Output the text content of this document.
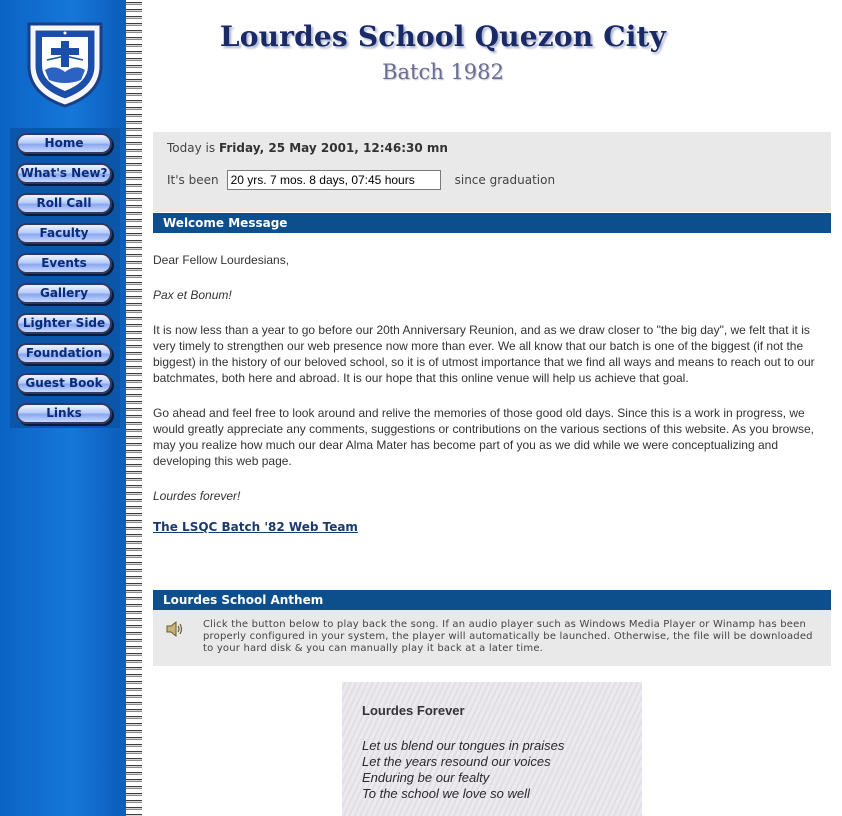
Home
What's New?
Roll Call
Faculty
Events
Gallery
Lighter Side
Foundation
Guest Book
Links
Lourdes School Quezon City
Batch 1982
Today is Friday, 25 May 2001, 12:46:30 mn
It's been
20 yrs. 7 mos. 8 days, 07:45 hours	since graduation
Welcome Message

Dear Fellow Lourdesians,

Pax et Bonum!

It is now less than a year to go before our 20th Anniversary Reunion, and as we draw closer to "the big day", we felt that it is very timely to strengthen our web presence now more than ever. We all know that our batch is one of the biggest (if not the biggest) in the history of our beloved school, so it is of utmost importance that we find all ways and means to reach out to our batchmates, both here and abroad. It is our hope that this online venue will help us achieve that goal.

Go ahead and feel free to look around and relive the memories of those good old days. Since this is a work in progress, we would greatly appreciate any comments, suggestions or contributions on the various sections of this website. As you browse, may you realize how much our dear Alma Mater has become part of you as we did while we were conceptualizing and developing this web page.

Lourdes forever!

The LSQC Batch '82 Web Team

Lourdes School Anthem
Click the button below to play back the song. If an audio player such as Windows Media Player or Winamp has been properly configured in your system, the player will automatically be launched. Otherwise, the file will be downloaded to your hard disk & you can manually play it back at a later time.
Lourdes Forever
Let us blend our tongues in praises
Let the years resound our voices
Enduring be our fealty
To the school we love so well
